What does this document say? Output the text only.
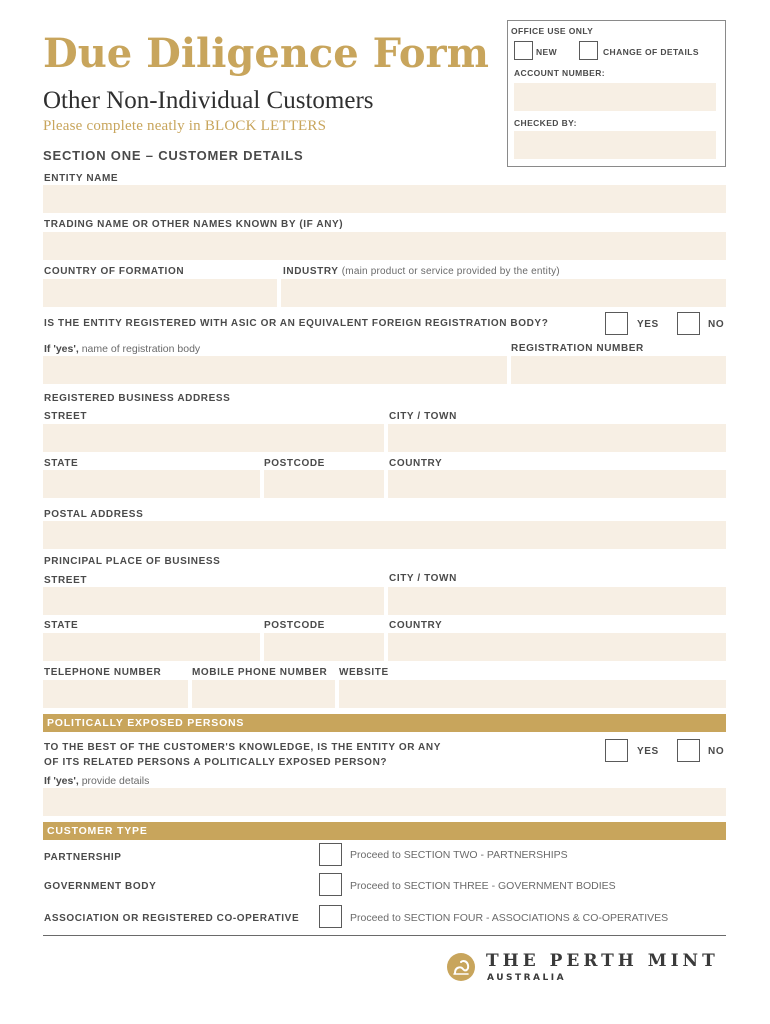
Due Diligence Form
Other Non-Individual Customers
Please complete neatly in BLOCK LETTERS
OFFICE USE ONLY
NEW	CHANGE OF DETAILS
ACCOUNT NUMBER:
CHECKED BY:
SECTION ONE – CUSTOMER DETAILS
ENTITY NAME
TRADING NAME OR OTHER NAMES KNOWN BY (IF ANY)
COUNTRY OF FORMATION	INDUSTRY (main product or service provided by the entity)
IS THE ENTITY REGISTERED WITH ASIC OR AN EQUIVALENT FOREIGN REGISTRATION BODY?	YES	NO
If 'yes', name of registration body	REGISTRATION NUMBER
REGISTERED BUSINESS ADDRESS
STREET	CITY / TOWN
STATE	POSTCODE	COUNTRY
POSTAL ADDRESS
PRINCIPAL PLACE OF BUSINESS
STREET	CITY / TOWN
STATE	POSTCODE	COUNTRY
TELEPHONE NUMBER	MOBILE PHONE NUMBER WEBSITE
POLITICALLY EXPOSED PERSONS
TO THE BEST OF THE CUSTOMER'S KNOWLEDGE, IS THE ENTITY OR ANY
OF ITS RELATED PERSONS A POLITICALLY EXPOSED PERSON?
YES	NO
If 'yes', provide details
CUSTOMER TYPE
PARTNERSHIP	Proceed to SECTION TWO - PARTNERSHIPS
GOVERNMENT BODY	Proceed to SECTION THREE - GOVERNMENT BODIES
ASSOCIATION OR REGISTERED CO-OPERATIVE	Proceed to SECTION FOUR - ASSOCIATIONS & CO-OPERATIVES
THE PERTH MINT
AUSTRALIA
